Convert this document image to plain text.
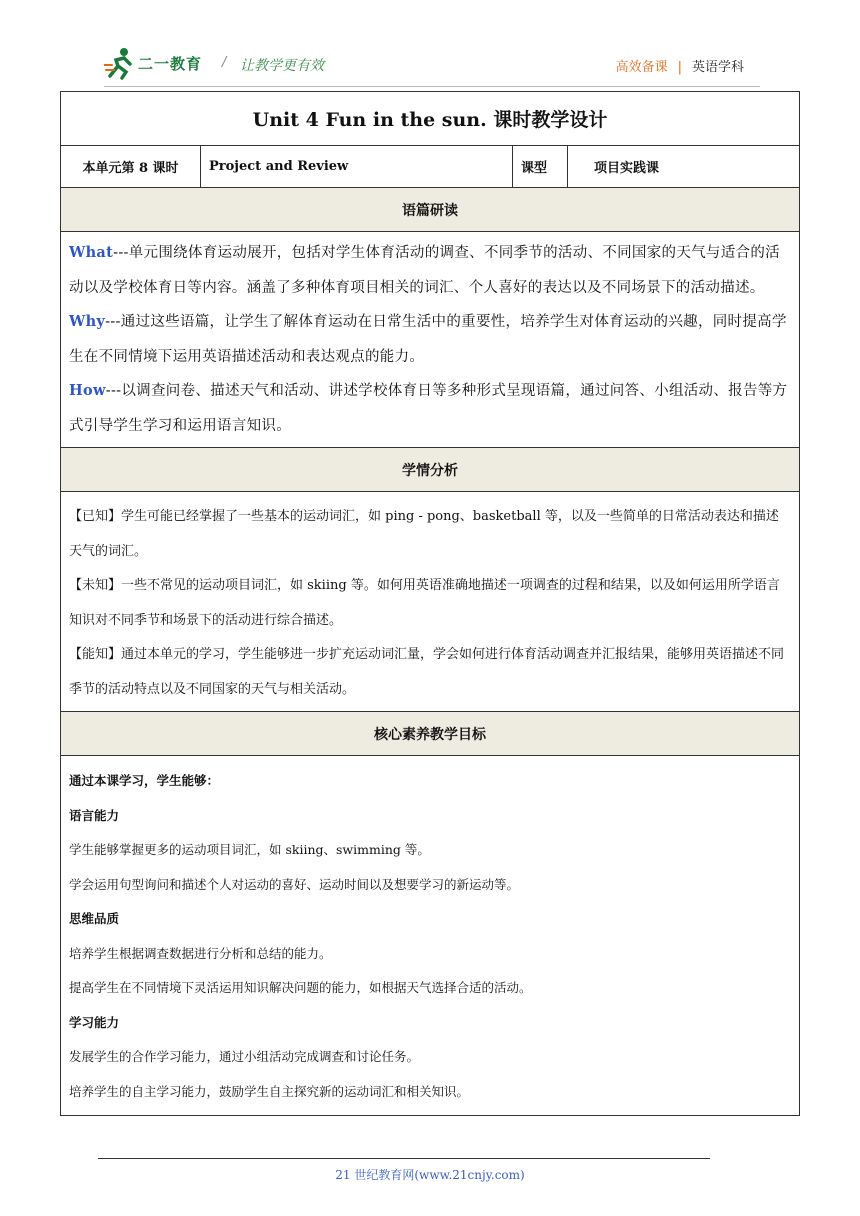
二一教育 / 让教学更有效	高效备课 | 英语学科
Unit 4 Fun in the sun. 课时教学设计
本单元第 8 课时	Project and Review	课型	项目实践课
语篇研读
What---单元围绕体育运动展开，包括对学生体育活动的调查、不同季节的活动、不同国家的天气与适合的活动以及学校体育日等内容。涵盖了多种体育项目相关的词汇、个人喜好的表达以及不同场景下的活动描述。
Why---通过这些语篇，让学生了解体育运动在日常生活中的重要性，培养学生对体育运动的兴趣，同时提高学生在不同情境下运用英语描述活动和表达观点的能力。
How---以调查问卷、描述天气和活动、讲述学校体育日等多种形式呈现语篇，通过问答、小组活动、报告等方式引导学生学习和运用语言知识。
学情分析
【已知】学生可能已经掌握了一些基本的运动词汇，如 ping - pong、basketball 等，以及一些简单的日常活动表达和描述天气的词汇。
【未知】一些不常见的运动项目词汇，如 skiing 等。如何用英语准确地描述一项调查的过程和结果，以及如何运用所学语言知识对不同季节和场景下的活动进行综合描述。
【能知】通过本单元的学习，学生能够进一步扩充运动词汇量，学会如何进行体育活动调查并汇报结果，能够用英语描述不同季节的活动特点以及不同国家的天气与相关活动。
核心素养教学目标
通过本课学习，学生能够：
语言能力
学生能够掌握更多的运动项目词汇，如 skiing、swimming 等。
学会运用句型询问和描述个人对运动的喜好、运动时间以及想要学习的新运动等。
思维品质
培养学生根据调查数据进行分析和总结的能力。
提高学生在不同情境下灵活运用知识解决问题的能力，如根据天气选择合适的活动。
学习能力
发展学生的合作学习能力，通过小组活动完成调查和讨论任务。
培养学生的自主学习能力，鼓励学生自主探究新的运动词汇和相关知识。
21 世纪教育网(www.21cnjy.com)
